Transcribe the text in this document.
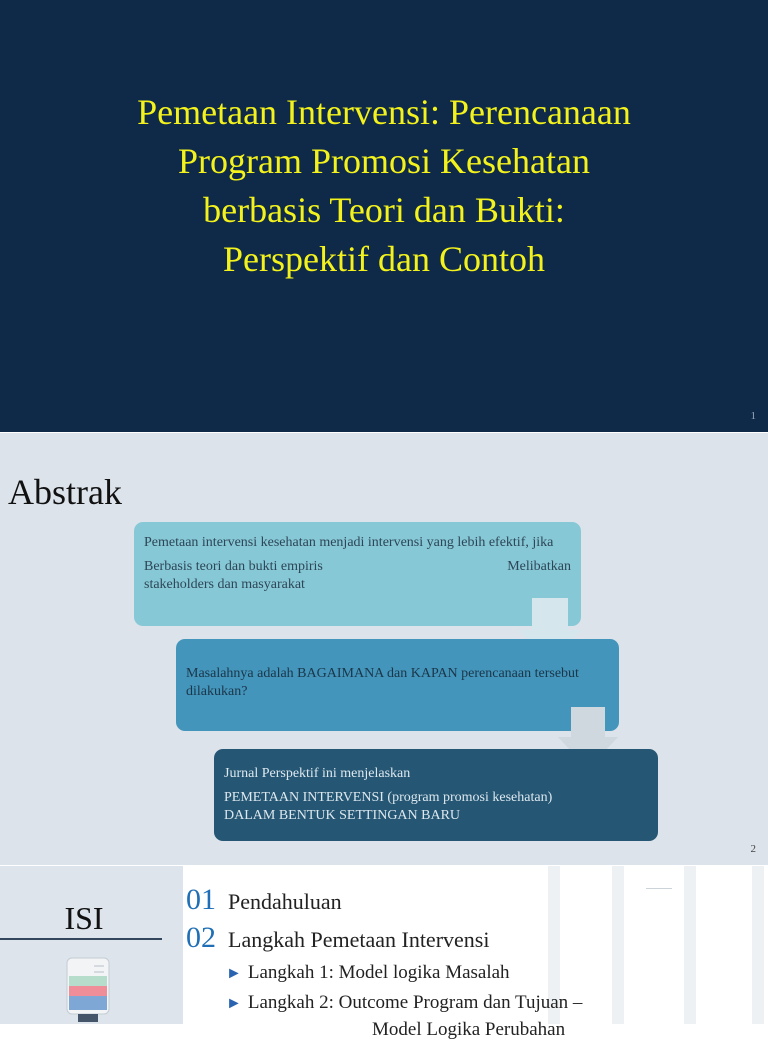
Pemetaan Intervensi: Perencanaan
Program Promosi Kesehatan
berbasis Teori dan Bukti:
Perspektif dan Contoh
1
Abstrak
Pemetaan intervensi kesehatan menjadi intervensi yang lebih efektif, jika
Berbasis teori dan bukti empiris	Melibatkan
stakeholders dan masyarakat
Masalahnya adalah BAGAIMANA dan KAPAN perencanaan tersebut dilakukan?
Jurnal Perspektif ini menjelaskan
PEMETAAN INTERVENSI (program promosi kesehatan)
DALAM BENTUK SETTINGAN BARU
2
ISI
01 Pendahuluan
02 Langkah Pemetaan Intervensi
► Langkah 1: Model logika Masalah
► Langkah 2: Outcome Program dan Tujuan –
Model Logika Perubahan
